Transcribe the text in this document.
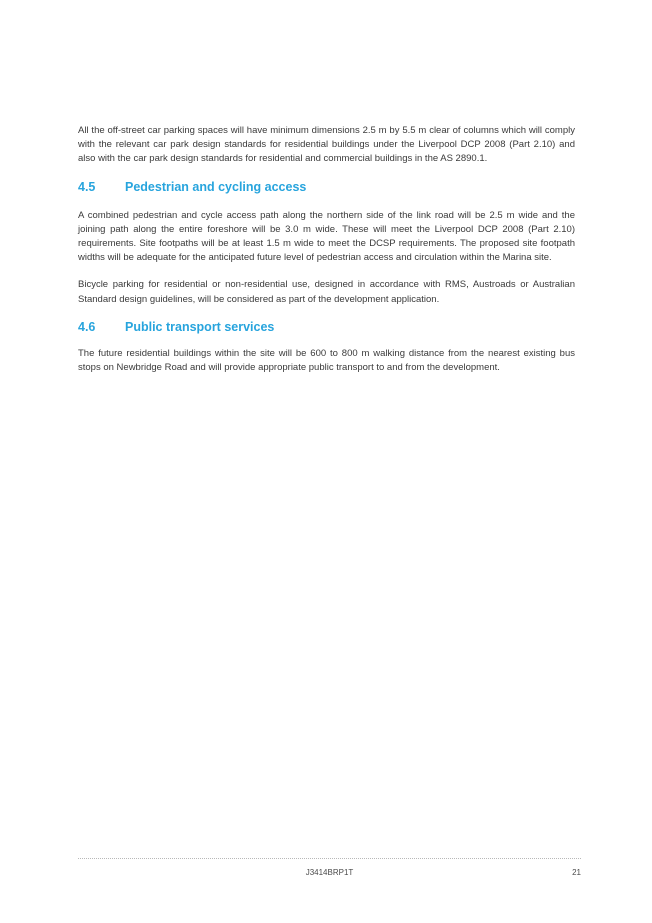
All the off-street car parking spaces will have minimum dimensions 2.5 m by 5.5 m clear of columns which will comply with the relevant car park design standards for residential buildings under the Liverpool DCP 2008 (Part 2.10) and also with the car park design standards for residential and commercial buildings in the AS 2890.1.

4.5	Pedestrian and cycling access

A combined pedestrian and cycle access path along the northern side of the link road will be 2.5 m wide and the joining path along the entire foreshore will be 3.0 m wide. These will meet the Liverpool DCP 2008 (Part 2.10) requirements. Site footpaths will be at least 1.5 m wide to meet the DCSP requirements. The proposed site footpath widths will be adequate for the anticipated future level of pedestrian access and circulation within the Marina site.

Bicycle parking for residential or non-residential use, designed in accordance with RMS, Austroads or Australian Standard design guidelines, will be considered as part of the development application.

4.6	Public transport services

The future residential buildings within the site will be 600 to 800 m walking distance from the nearest existing bus stops on Newbridge Road and will provide appropriate public transport to and from the development.

J3414BRP1T	21
